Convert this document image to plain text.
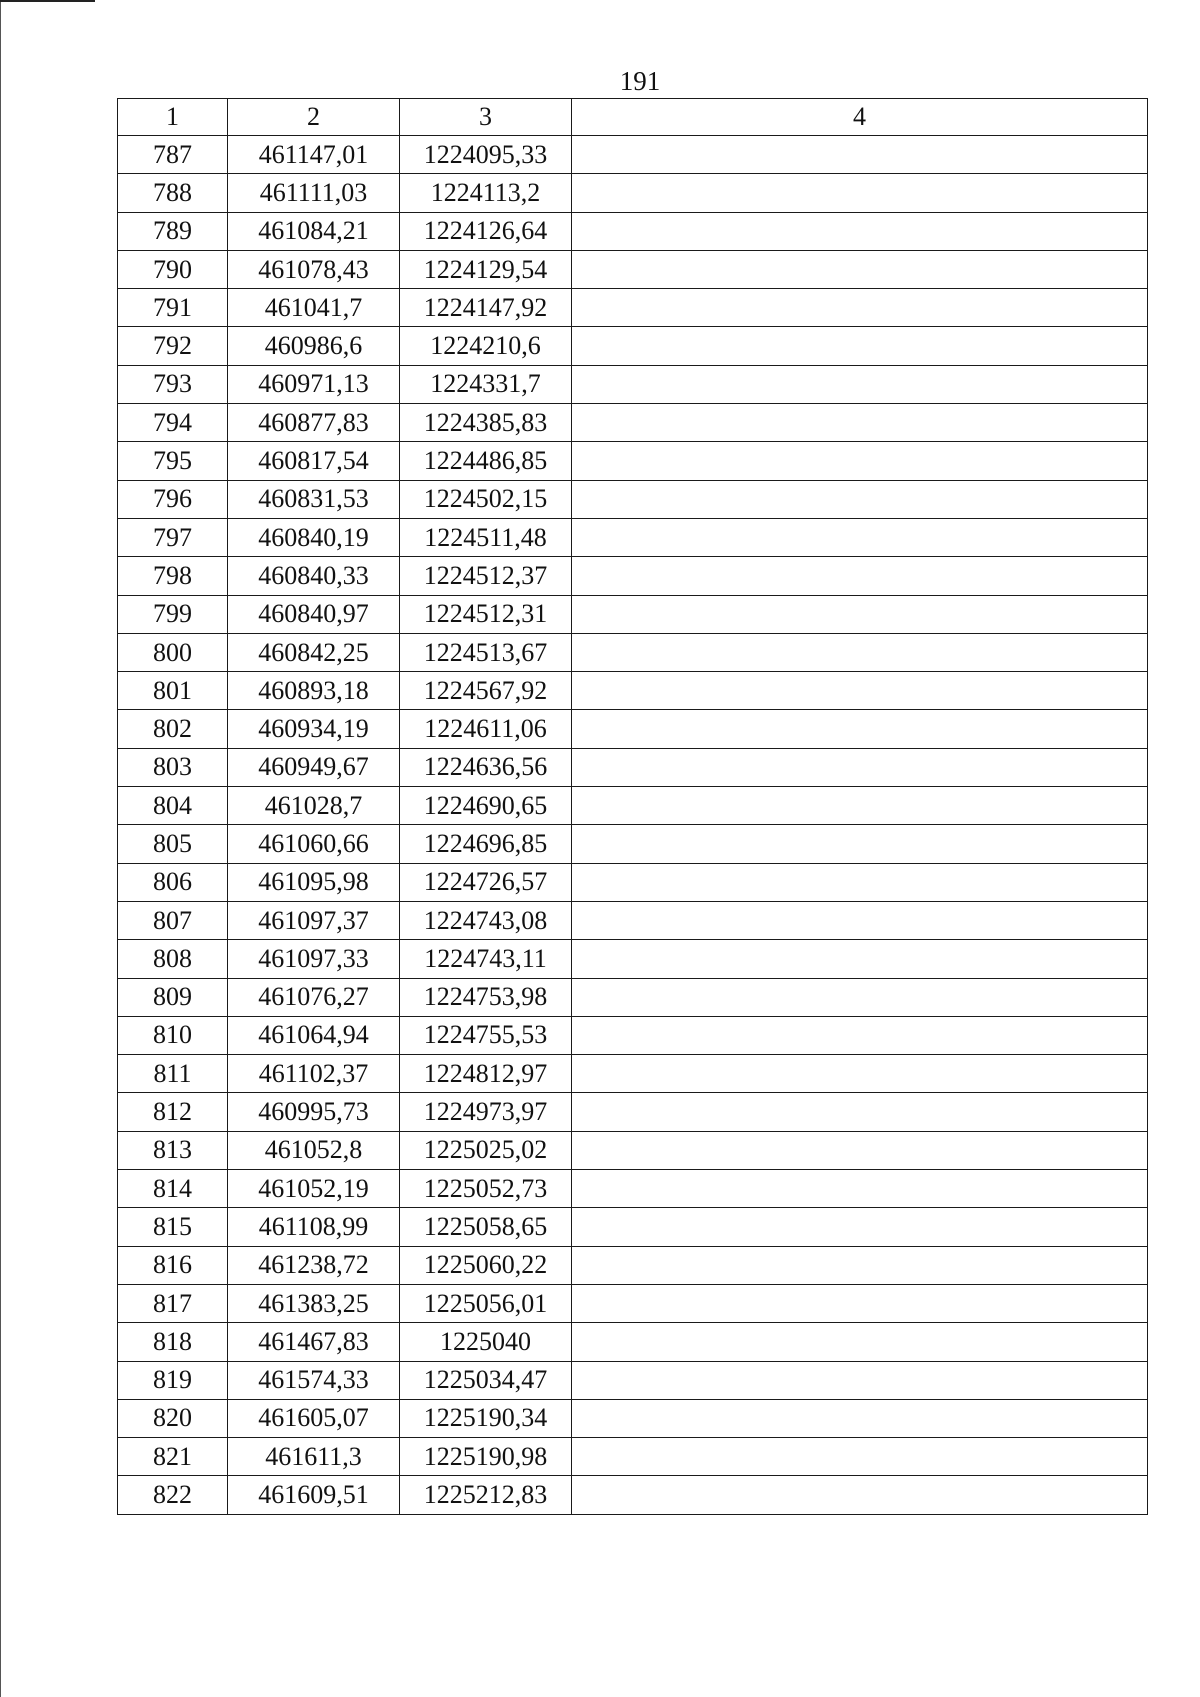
191
1	2	3	4
787	461147,01	1224095,33	
788	461111,03	1224113,2	
789	461084,21	1224126,64	
790	461078,43	1224129,54	
791	461041,7	1224147,92	
792	460986,6	1224210,6	
793	460971,13	1224331,7	
794	460877,83	1224385,83	
795	460817,54	1224486,85	
796	460831,53	1224502,15	
797	460840,19	1224511,48	
798	460840,33	1224512,37	
799	460840,97	1224512,31	
800	460842,25	1224513,67	
801	460893,18	1224567,92	
802	460934,19	1224611,06	
803	460949,67	1224636,56	
804	461028,7	1224690,65	
805	461060,66	1224696,85	
806	461095,98	1224726,57	
807	461097,37	1224743,08	
808	461097,33	1224743,11	
809	461076,27	1224753,98	
810	461064,94	1224755,53	
811	461102,37	1224812,97	
812	460995,73	1224973,97	
813	461052,8	1225025,02	
814	461052,19	1225052,73	
815	461108,99	1225058,65	
816	461238,72	1225060,22	
817	461383,25	1225056,01	
818	461467,83	1225040	
819	461574,33	1225034,47	
820	461605,07	1225190,34	
821	461611,3	1225190,98	
822	461609,51	1225212,83	
